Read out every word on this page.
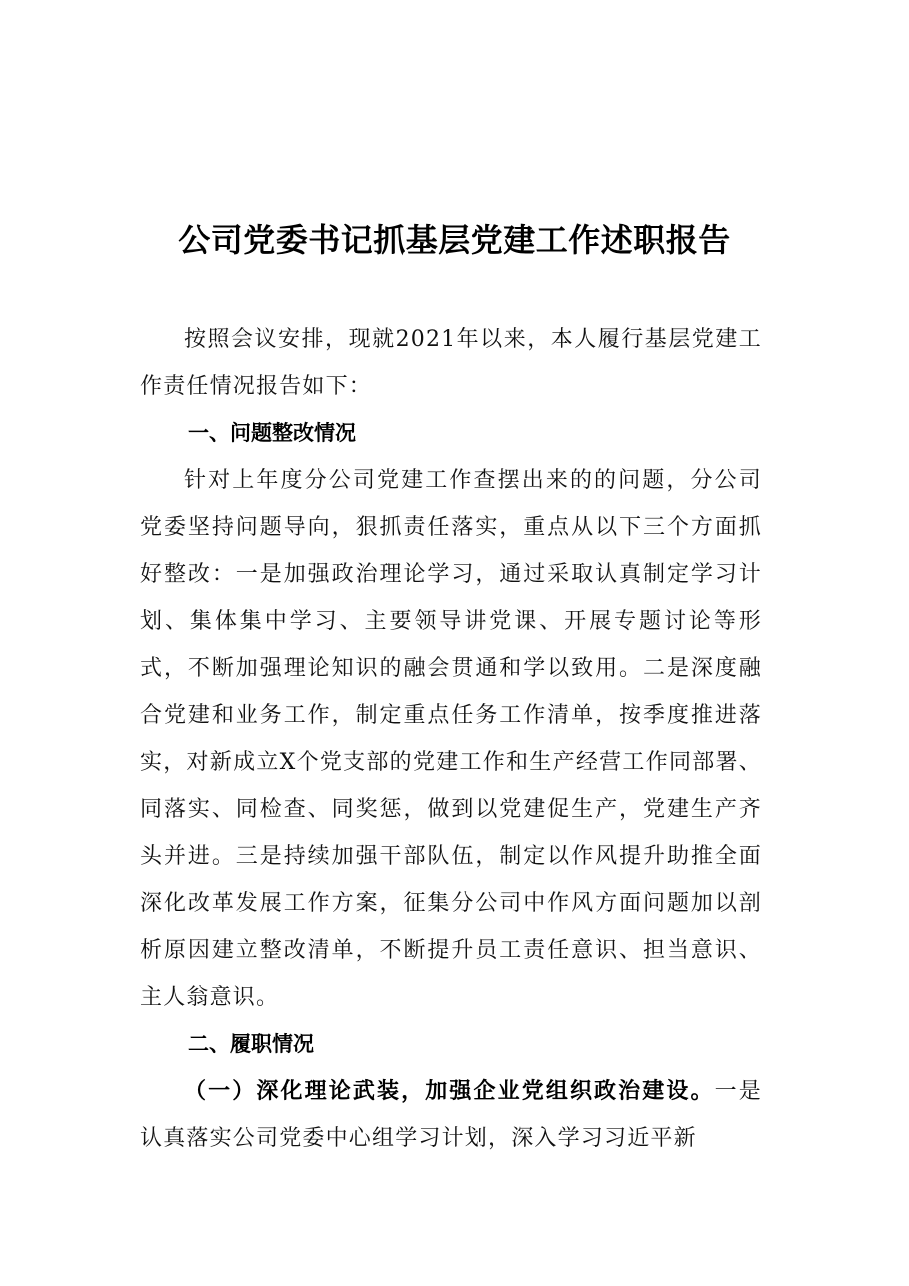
公司党委书记抓基层党建工作述职报告

按照会议安排，现就2021年以来，本人履行基层党建工作责任情况报告如下：

一、问题整改情况

针对上年度分公司党建工作查摆出来的的问题，分公司党委坚持问题导向，狠抓责任落实，重点从以下三个方面抓好整改：一是加强政治理论学习，通过采取认真制定学习计划、集体集中学习、主要领导讲党课、开展专题讨论等形式，不断加强理论知识的融会贯通和学以致用。二是深度融合党建和业务工作，制定重点任务工作清单，按季度推进落实，对新成立X个党支部的党建工作和生产经营工作同部署、同落实、同检查、同奖惩，做到以党建促生产，党建生产齐头并进。三是持续加强干部队伍，制定以作风提升助推全面深化改革发展工作方案，征集分公司中作风方面问题加以剖析原因建立整改清单，不断提升员工责任意识、担当意识、主人翁意识。

二、履职情况

（一）深化理论武装，加强企业党组织政治建设。一是认真落实公司党委中心组学习计划，深入学习习近平新
